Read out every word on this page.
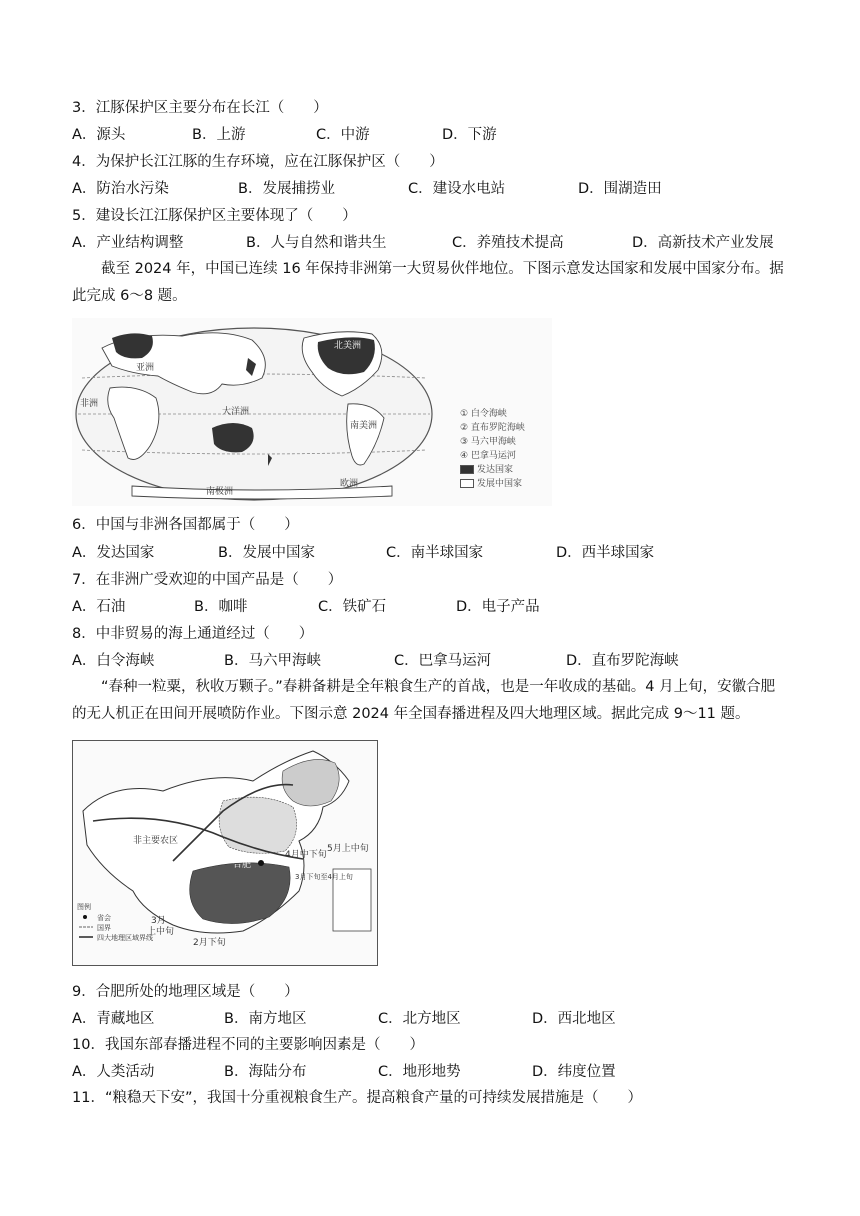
3．江豚保护区主要分布在长江（　　）
A．源头	B．上游	C．中游	D．下游
4．为保护长江江豚的生存环境，应在江豚保护区（　　）
A．防治水污染	B．发展捕捞业	C．建设水电站	D．围湖造田
5．建设长江江豚保护区主要体现了（　　）
A．产业结构调整	B．人与自然和谐共生	C．养殖技术提高	D．高新技术产业发展
截至 2024 年，中国已连续 16 年保持非洲第一大贸易伙伴地位。下图示意发达国家和发展中国家分布。据此完成 6～8 题。
亚洲
非洲
大洋洲
南极洲
北美洲
南美洲
欧洲
① 白令海峡
② 直布罗陀海峡
③ 马六甲海峡
④ 巴拿马运河
发达国家
发展中国家
6．中国与非洲各国都属于（　　）
A．发达国家	B．发展中国家	C．南半球国家	D．西半球国家
7．在非洲广受欢迎的中国产品是（　　）
A．石油	B．咖啡	C．铁矿石	D．电子产品
8．中非贸易的海上通道经过（　　）
A．白令海峡	B．马六甲海峡	C．巴拿马运河	D．直布罗陀海峡
“春种一粒粟，秋收万颗子。”春耕备耕是全年粮食生产的首战，也是一年收成的基础。4 月上旬，安徽合肥的无人机正在田间开展喷防作业。下图示意 2024 年全国春播进程及四大地理区域。据此完成 9～11 题。
5月上中旬
4月中下旬
3月下旬至4月上旬
3月
上中旬
2月下旬
非主要农区
合肥
图例
省会
国界
四大地理区域界线
9．合肥所处的地理区域是（　　）
A．青藏地区	B．南方地区	C．北方地区	D．西北地区
10．我国东部春播进程不同的主要影响因素是（　　）
A．人类活动	B．海陆分布	C．地形地势	D．纬度位置
11．“粮稳天下安”，我国十分重视粮食生产。提高粮食产量的可持续发展措施是（　　）
